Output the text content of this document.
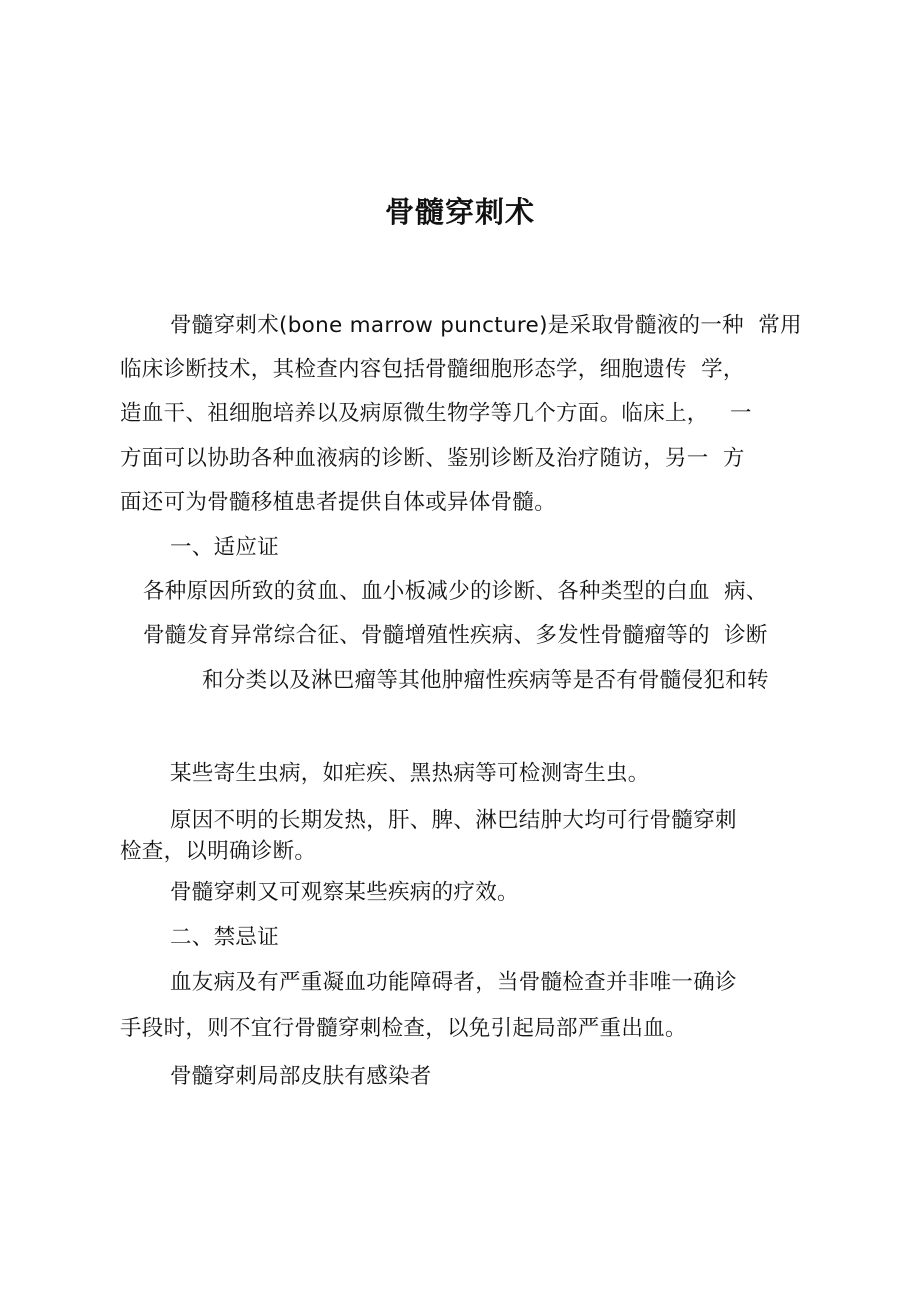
骨髓穿刺术
骨髓穿刺术(bone marrow puncture)是采取骨髓液的一种  常用
临床诊断技术，其检查内容包括骨髓细胞形态学，细胞遗传  学，
造血干、祖细胞培养以及病原微生物学等几个方面。临床上，   一
方面可以协助各种血液病的诊断、鉴别诊断及治疗随访，另一  方
面还可为骨髓移植患者提供自体或异体骨髓。
一、适应证
各种原因所致的贫血、血小板减少的诊断、各种类型的白血  病、
骨髓发育异常综合征、骨髓增殖性疾病、多发性骨髓瘤等的  诊断
和分类以及淋巴瘤等其他肿瘤性疾病等是否有骨髓侵犯和转
某些寄生虫病，如疟疾、黑热病等可检测寄生虫。
原因不明的长期发热，肝、脾、淋巴结肿大均可行骨髓穿刺
检查，以明确诊断。
骨髓穿刺又可观察某些疾病的疗效。
二、禁忌证
血友病及有严重凝血功能障碍者，当骨髓检查并非唯一确诊
手段时，则不宜行骨髓穿刺检查，以免引起局部严重出血。
骨髓穿刺局部皮肤有感染者
